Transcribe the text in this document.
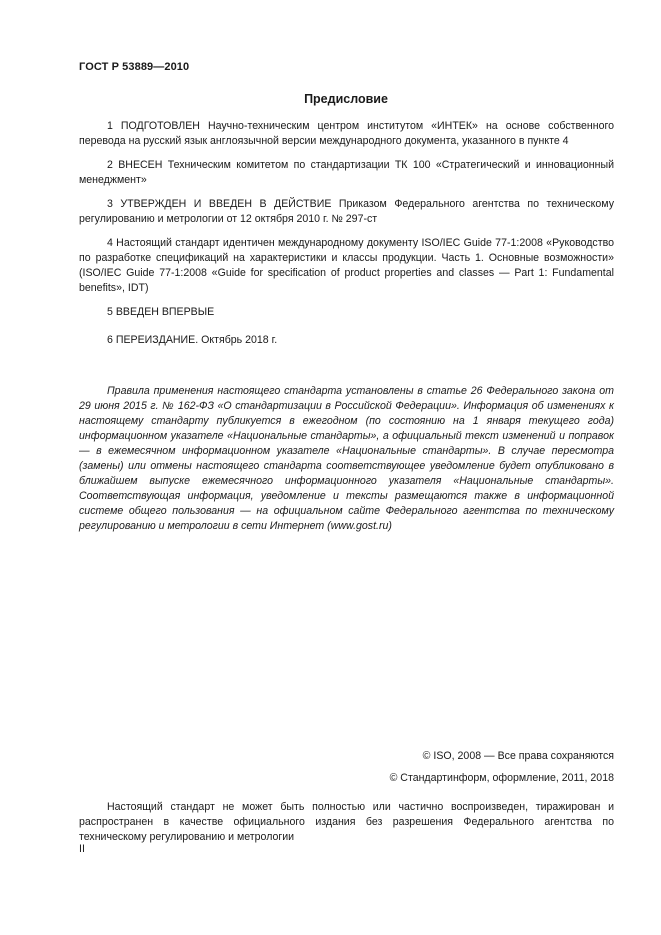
ГОСТ Р 53889—2010
Предисловие
1 ПОДГОТОВЛЕН Научно-техническим центром институтом «ИНТЕК» на основе собственного перевода на русский язык англоязычной версии международного документа, указанного в пункте 4
2 ВНЕСЕН Техническим комитетом по стандартизации ТК 100 «Стратегический и инновационный менеджмент»
3 УТВЕРЖДЕН И ВВЕДЕН В ДЕЙСТВИЕ Приказом Федерального агентства по техническому регулированию и метрологии от 12 октября 2010 г. № 297-ст
4 Настоящий стандарт идентичен международному документу ISO/IEC Guide 77-1:2008 «Руководство по разработке спецификаций на характеристики и классы продукции. Часть 1. Основные возможности» (ISO/IEC Guide 77-1:2008 «Guide for specification of product properties and classes — Part 1: Fundamental benefits», IDT)
5 ВВЕДЕН ВПЕРВЫЕ
6 ПЕРЕИЗДАНИЕ. Октябрь 2018 г.
Правила применения настоящего стандарта установлены в статье 26 Федерального закона от 29 июня 2015 г. № 162-ФЗ «О стандартизации в Российской Федерации». Информация об изменениях к настоящему стандарту публикуется в ежегодном (по состоянию на 1 января текущего года) информационном указателе «Национальные стандарты», а официальный текст изменений и поправок — в ежемесячном информационном указателе «Национальные стандарты». В случае пересмотра (замены) или отмены настоящего стандарта соответствующее уведомление будет опубликовано в ближайшем выпуске ежемесячного информационного указателя «Национальные стандарты». Соответствующая информация, уведомление и тексты размещаются также в информационной системе общего пользования — на официальном сайте Федерального агентства по техническому регулированию и метрологии в сети Интернет (www.gost.ru)
© ISO, 2008 — Все права сохраняются
© Стандартинформ, оформление, 2011, 2018
Настоящий стандарт не может быть полностью или частично воспроизведен, тиражирован и распространен в качестве официального издания без разрешения Федерального агентства по техническому регулированию и метрологии
II
